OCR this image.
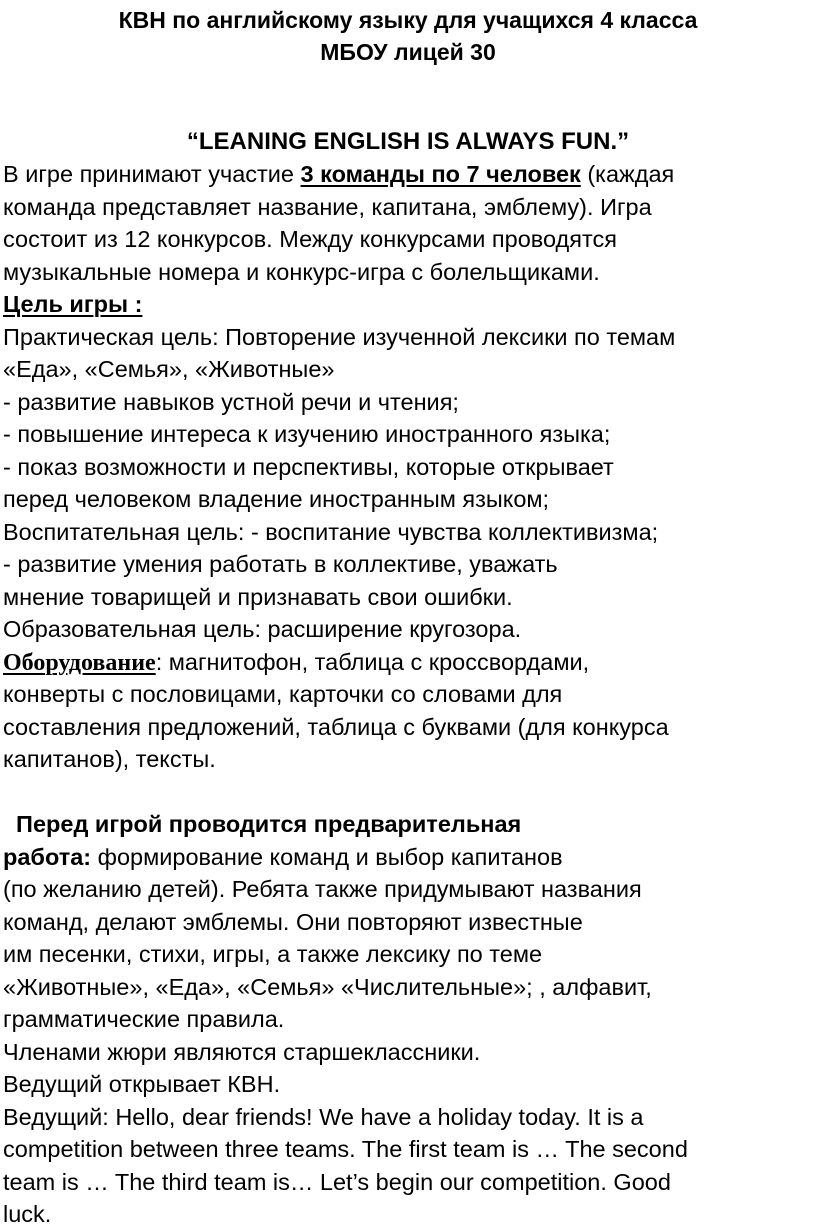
КВН по английскому языку для учащихся 4 класса
МБОУ лицей 30
“LEANING ENGLISH IS ALWAYS FUN.”
В игре принимают участие 3 команды по 7 человек (каждая
команда представляет название, капитана, эмблему). Игра
состоит из 12 конкурсов. Между конкурсами проводятся
музыкальные номера и конкурс-игра с болельщиками.
Цель игры :
Практическая цель: Повторение изученной лексики по темам
«Еда», «Семья», «Животные»
- развитие навыков устной речи и чтения;
- повышение интереса к изучению иностранного языка;
- показ возможности и перспективы, которые открывает
перед человеком владение иностранным языком;
Воспитательная цель: - воспитание чувства коллективизма;
- развитие умения работать в коллективе, уважать
мнение товарищей и признавать свои ошибки.
Образовательная цель: расширение кругозора.
Оборудование: магнитофон, таблица с кроссвордами,
конверты с пословицами, карточки со словами для
составления предложений, таблица с буквами (для конкурса
капитанов), тексты.
Перед игрой проводится предварительная
работа: формирование команд и выбор капитанов
(по желанию детей). Ребята также придумывают названия
команд, делают эмблемы. Они повторяют известные
им песенки, стихи, игры, а также лексику по теме
«Животные», «Еда», «Семья» «Числительные»; , алфавит,
грамматические правила.
Членами жюри являются старшеклассники.
Ведущий открывает КВН.
Ведущий: Hello, dear friends! We have a holiday today. It is a
competition between three teams. The first team is … The second
team is … The third team is… Let’s begin our competition. Good
luck.
